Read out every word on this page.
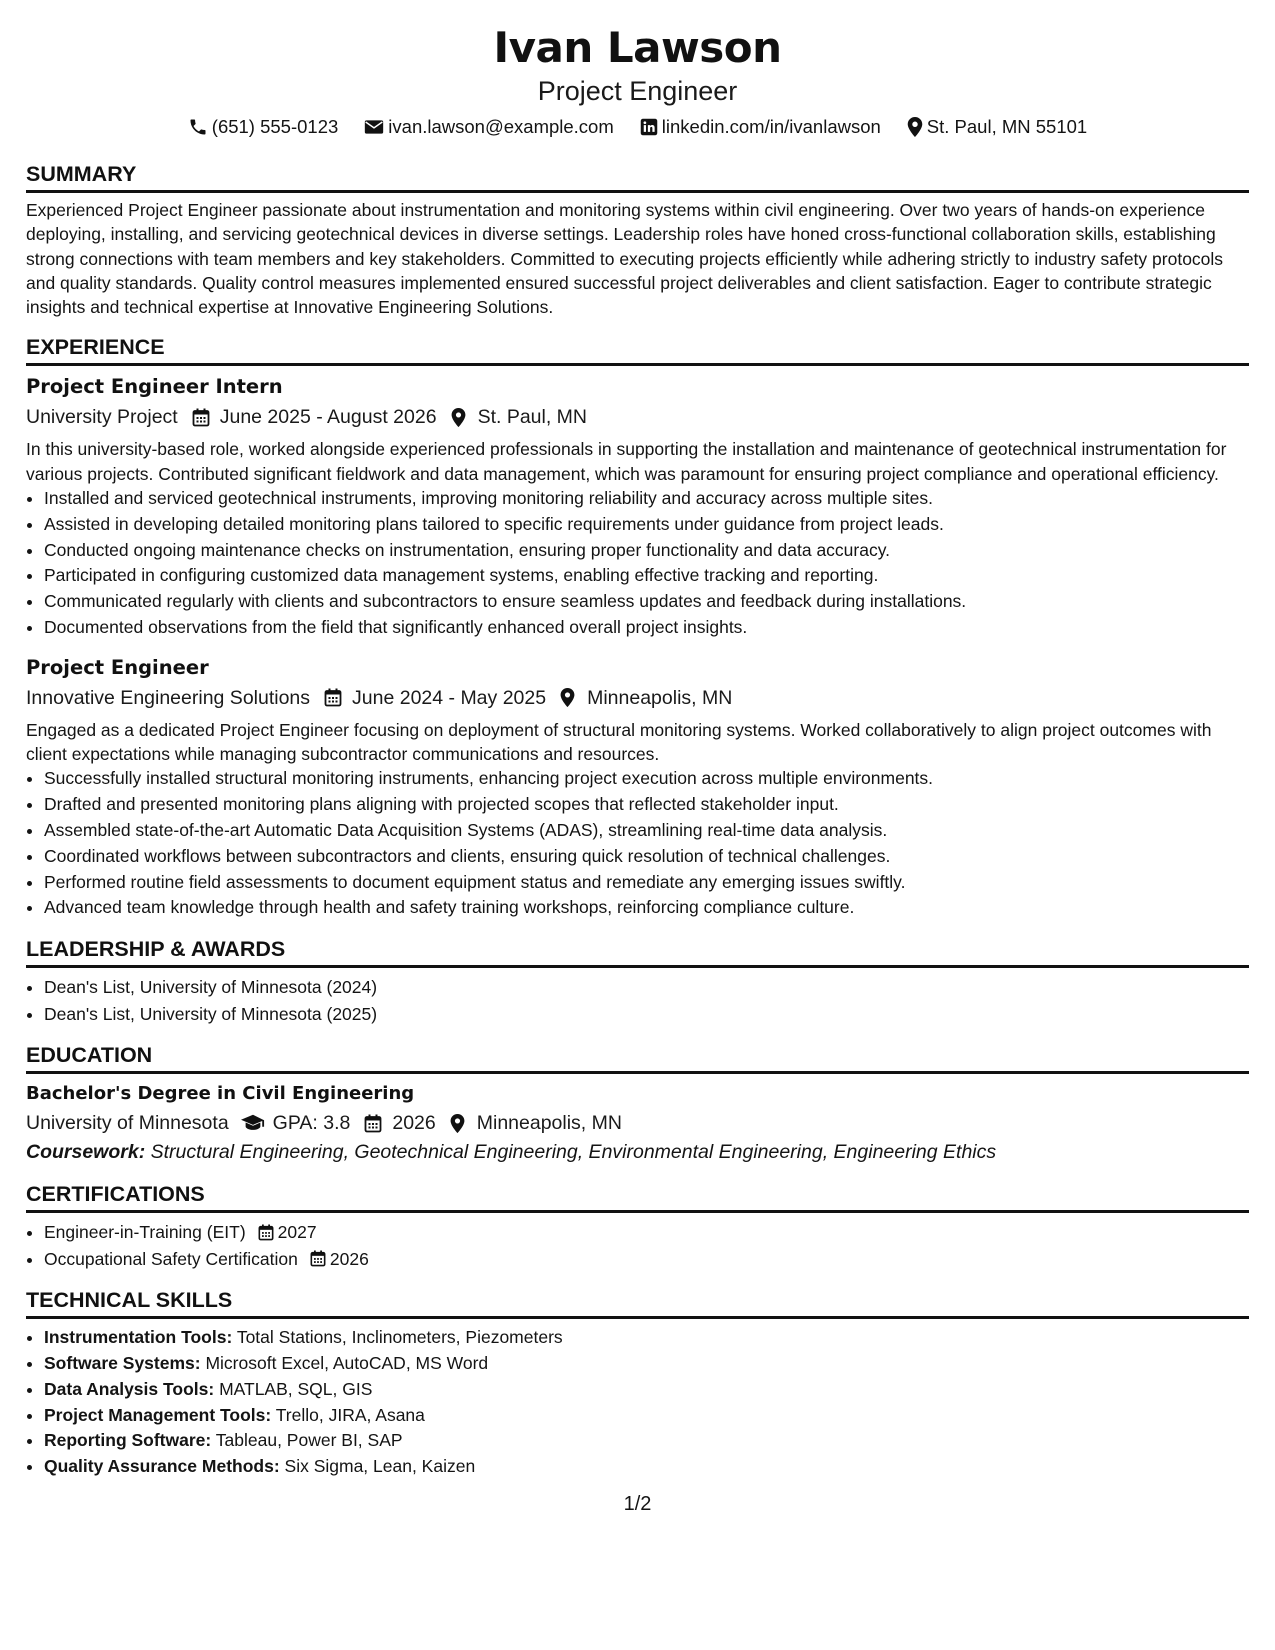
Ivan Lawson
Project Engineer
(651) 555-0123	ivan.lawson@example.com	linkedin.com/in/ivanlawson St. Paul, MN 55101
SUMMARY
Experienced Project Engineer passionate about instrumentation and monitoring systems within civil engineering. Over two years of hands-on experience deploying, installing, and servicing geotechnical devices in diverse settings. Leadership roles have honed cross-functional collaboration skills, establishing strong connections with team members and key stakeholders. Committed to executing projects efficiently while adhering strictly to industry safety protocols and quality standards. Quality control measures implemented ensured successful project deliverables and client satisfaction. Eager to contribute strategic insights and technical expertise at Innovative Engineering Solutions.
EXPERIENCE
Project Engineer Intern
University Project June 2025 - August 2026 St. Paul, MN
In this university-based role, worked alongside experienced professionals in supporting the installation and maintenance of geotechnical instrumentation for various projects. Contributed significant fieldwork and data management, which was paramount for ensuring project compliance and operational efficiency.
• Installed and serviced geotechnical instruments, improving monitoring reliability and accuracy across multiple sites.
• Assisted in developing detailed monitoring plans tailored to specific requirements under guidance from project leads.
• Conducted ongoing maintenance checks on instrumentation, ensuring proper functionality and data accuracy.
• Participated in configuring customized data management systems, enabling effective tracking and reporting.
• Communicated regularly with clients and subcontractors to ensure seamless updates and feedback during installations.
• Documented observations from the field that significantly enhanced overall project insights.
Project Engineer
Innovative Engineering Solutions June 2024 - May 2025 Minneapolis, MN
Engaged as a dedicated Project Engineer focusing on deployment of structural monitoring systems. Worked collaboratively to align project outcomes with client expectations while managing subcontractor communications and resources.
• Successfully installed structural monitoring instruments, enhancing project execution across multiple environments.
• Drafted and presented monitoring plans aligning with projected scopes that reflected stakeholder input.
• Assembled state-of-the-art Automatic Data Acquisition Systems (ADAS), streamlining real-time data analysis.
• Coordinated workflows between subcontractors and clients, ensuring quick resolution of technical challenges.
• Performed routine field assessments to document equipment status and remediate any emerging issues swiftly.
• Advanced team knowledge through health and safety training workshops, reinforcing compliance culture.
LEADERSHIP & AWARDS
• Dean's List, University of Minnesota (2024)
• Dean's List, University of Minnesota (2025)
EDUCATION
Bachelor's Degree in Civil Engineering
University of Minnesota GPA: 3.8 2026 Minneapolis, MN
Coursework: Structural Engineering, Geotechnical Engineering, Environmental Engineering, Engineering Ethics
CERTIFICATIONS
• Engineer-in-Training (EIT) 2027
• Occupational Safety Certification 2026
TECHNICAL SKILLS
• Instrumentation Tools: Total Stations, Inclinometers, Piezometers
• Software Systems: Microsoft Excel, AutoCAD, MS Word
• Data Analysis Tools: MATLAB, SQL, GIS
• Project Management Tools: Trello, JIRA, Asana
• Reporting Software: Tableau, Power BI, SAP
• Quality Assurance Methods: Six Sigma, Lean, Kaizen
1/2
